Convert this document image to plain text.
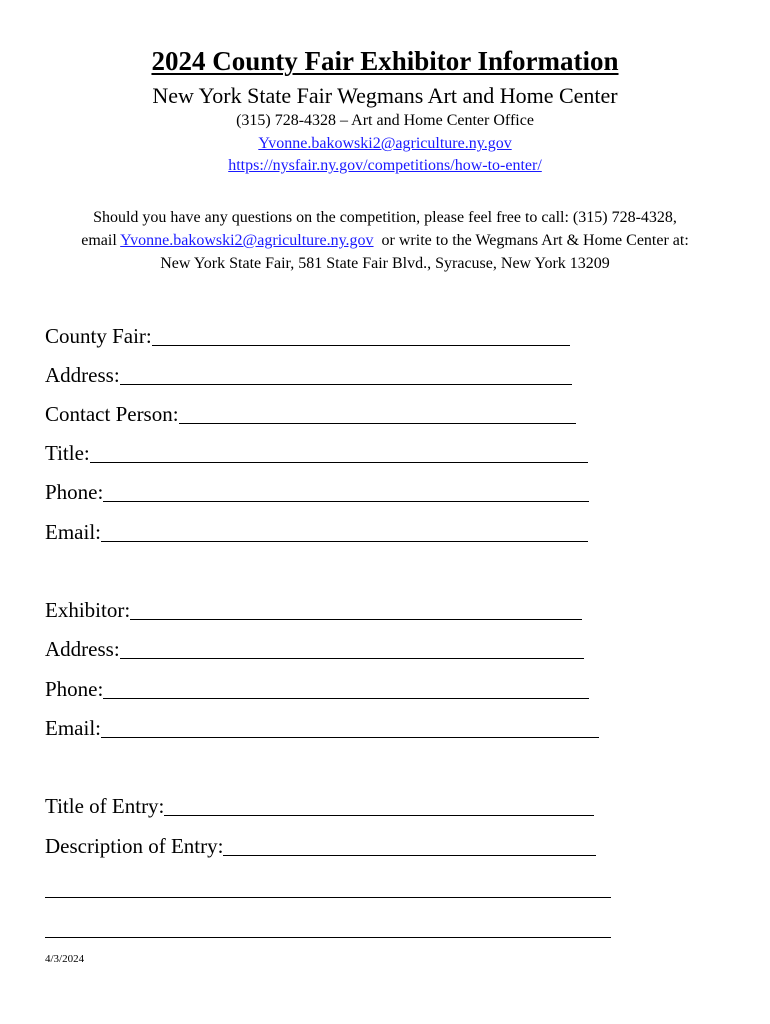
2024 County Fair Exhibitor Information
New York State Fair Wegmans Art and Home Center
(315) 728-4328 – Art and Home Center Office
Yvonne.bakowski2@agriculture.ny.gov
https://nysfair.ny.gov/competitions/how-to-enter/
Should you have any questions on the competition, please feel free to call: (315) 728-4328,
email Yvonne.bakowski2@agriculture.ny.gov or write to the Wegmans Art & Home Center at:
New York State Fair, 581 State Fair Blvd., Syracuse, New York 13209
County Fair:
Address:
Contact Person:
Title:
Phone:
Email:
Exhibitor:
Address:
Phone:
Email:
Title of Entry:
Description of Entry:
4/3/2024
